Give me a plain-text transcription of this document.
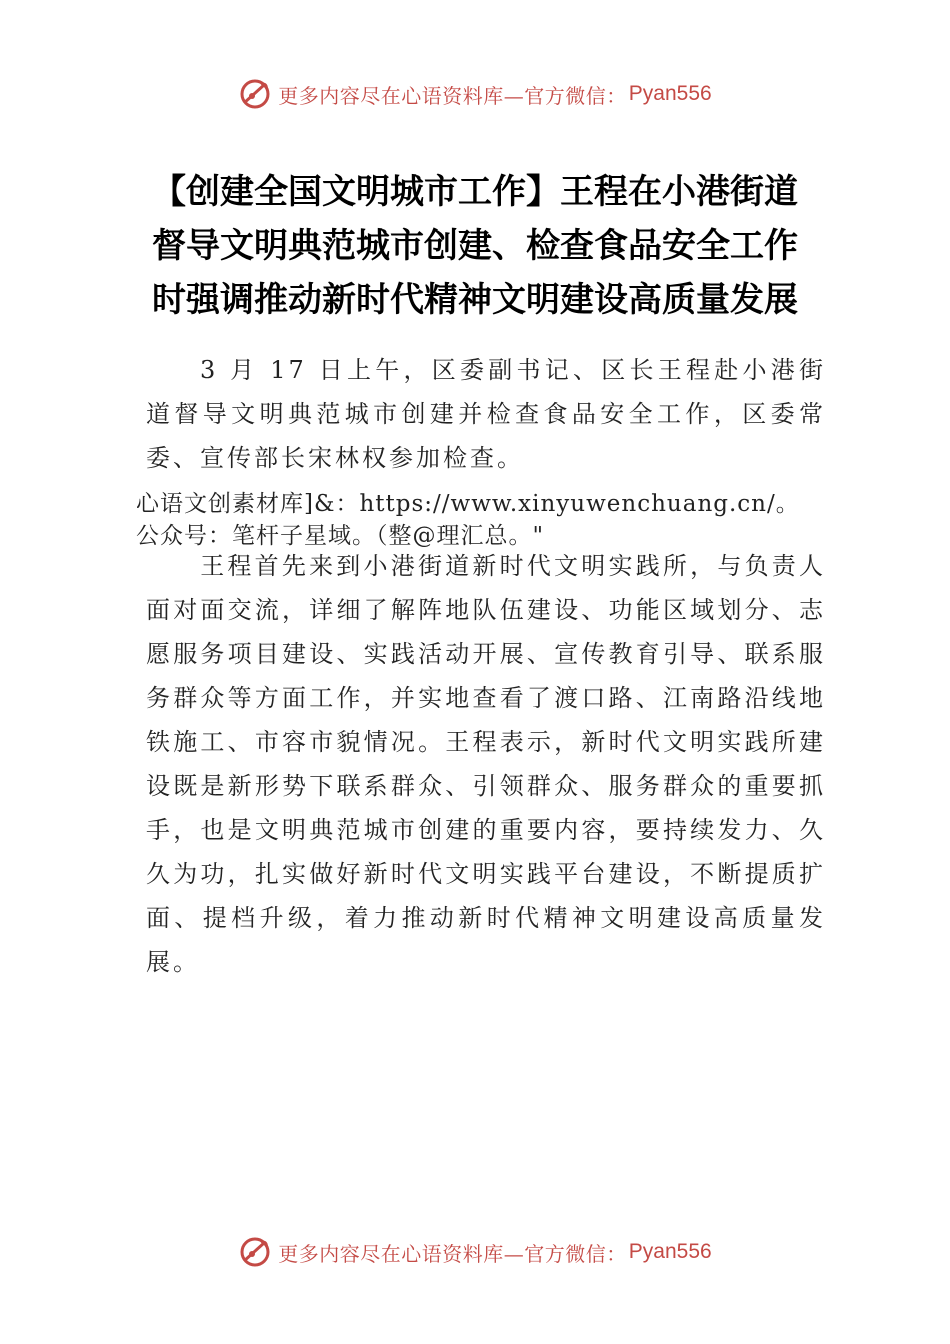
更多内容尽在心语资料库—官方微信： Pyan556
【创建全国文明城市工作】王程在小港街道
督导文明典范城市创建、检查食品安全工作
时强调推动新时代精神文明建设高质量发展
3 月 17 日上午，区委副书记、区长王程赴小港街道督导文明典范城市创建并检查食品安全工作，区委常委、宣传部长宋林权参加检查。
心语文创素材库]&：https://www.xinyuwenchuang.cn/。
公众号：笔杆子星域。（整@理汇总。"
王程首先来到小港街道新时代文明实践所，与负责人面对面交流，详细了解阵地队伍建设、功能区域划分、志愿服务项目建设、实践活动开展、宣传教育引导、联系服务群众等方面工作，并实地查看了渡口路、江南路沿线地铁施工、市容市貌情况。王程表示，新时代文明实践所建设既是新形势下联系群众、引领群众、服务群众的重要抓手，也是文明典范城市创建的重要内容，要持续发力、久久为功，扎实做好新时代文明实践平台建设，不断提质扩面、提档升级，着力推动新时代精神文明建设高质量发展。
更多内容尽在心语资料库—官方微信： Pyan556
